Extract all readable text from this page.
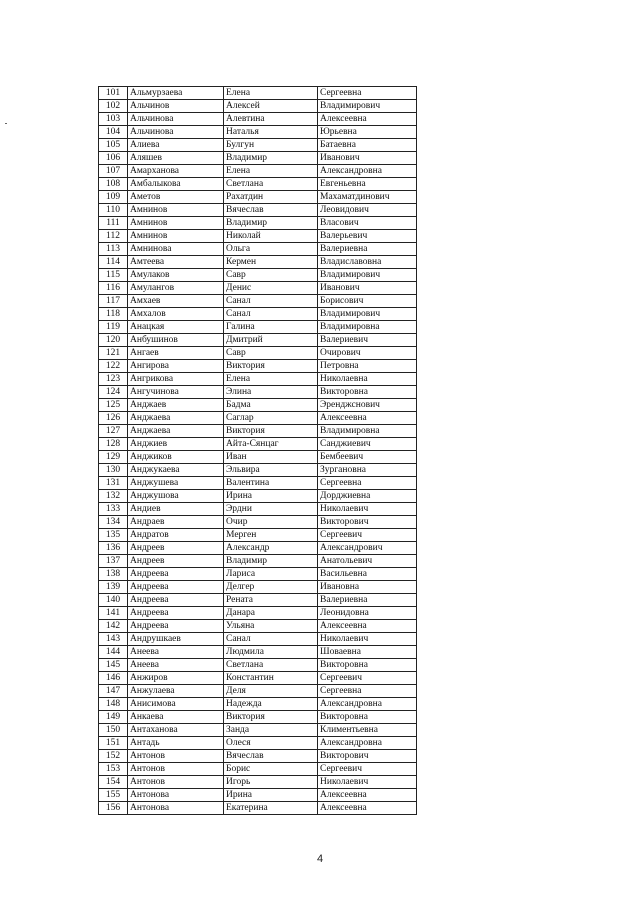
101	Альмурзаева	Елена	Сергеевна
102	Альчинов	Алексей	Владимирович
103	Альчинова	Алевтина	Алексеевна
104	Альчинова	Наталья	Юрьевна
105	Алиева	Булгун	Батаевна
106	Аляшев	Владимир	Иванович
107	Амарханова	Елена	Александровна
108	Амбалыкова	Светлана	Евгеньевна
109	Аметов	Рахатдин	Махаматдинович
110	Амнинов	Вячеслав	Леовидович
111	Амнинов	Владимир	Власович
112	Амнинов	Николай	Валерьевич
113	Амнинова	Ольга	Валериевна
114	Амтеева	Кермен	Владиславовна
115	Амулаков	Савр	Владимирович
116	Амулангов	Денис	Иванович
117	Амхаев	Санал	Борисович
118	Амхалов	Санал	Владимирович
119	Анацкая	Галина	Владимировна
120	Анбушинов	Дмитрий	Валериевич
121	Ангаев	Савр	Очирович
122	Ангирова	Виктория	Петровна
123	Ангрикова	Елена	Николаевна
124	Ангучинова	Элина	Викторовна
125	Анджаев	Бадма	Эренджснович
126	Анджаева	Саглар	Алексеевна
127	Анджаева	Виктория	Владимировна
128	Анджиев	Айта-Сянцаг	Санджиевич
129	Анджиков	Иван	Бембеевич
130	Анджукаева	Эльвира	Зургановна
131	Анджушева	Валентина	Сергеевна
132	Анджушова	Ирина	Дорджиевна
133	Андиев	Эрдни	Николаевич
134	Андраев	Очир	Викторович
135	Андратов	Мерген	Сергеевич
136	Андреев	Александр	Александрович
137	Андреев	Владимир	Анатольевич
138	Андреева	Лариса	Васильевна
139	Андреева	Делгер	Ивановна
140	Андреева	Рената	Валериевна
141	Андреева	Данара	Леонидовна
142	Андреева	Ульяна	Алексеевна
143	Андрушкаев	Санал	Николаевич
144	Анеева	Людмила	Шоваевна
145	Анеева	Светлана	Викторовна
146	Анжиров	Константин	Сергеевич
147	Анжулаева	Деля	Сергеевна
148	Анисимова	Надежда	Александровна
149	Анкаева	Виктория	Викторовна
150	Антаханова	Занда	Климентьевна
151	Антадь	Олеся	Александровна
152	Антонов	Вячеслав	Викторович
153	Антонов	Борис	Сергеевич
154	Антонов	Игорь	Николаевич
155	Антонова	Ирина	Алексеевна
156	Антонова	Екатерина	Алексеевна
4
